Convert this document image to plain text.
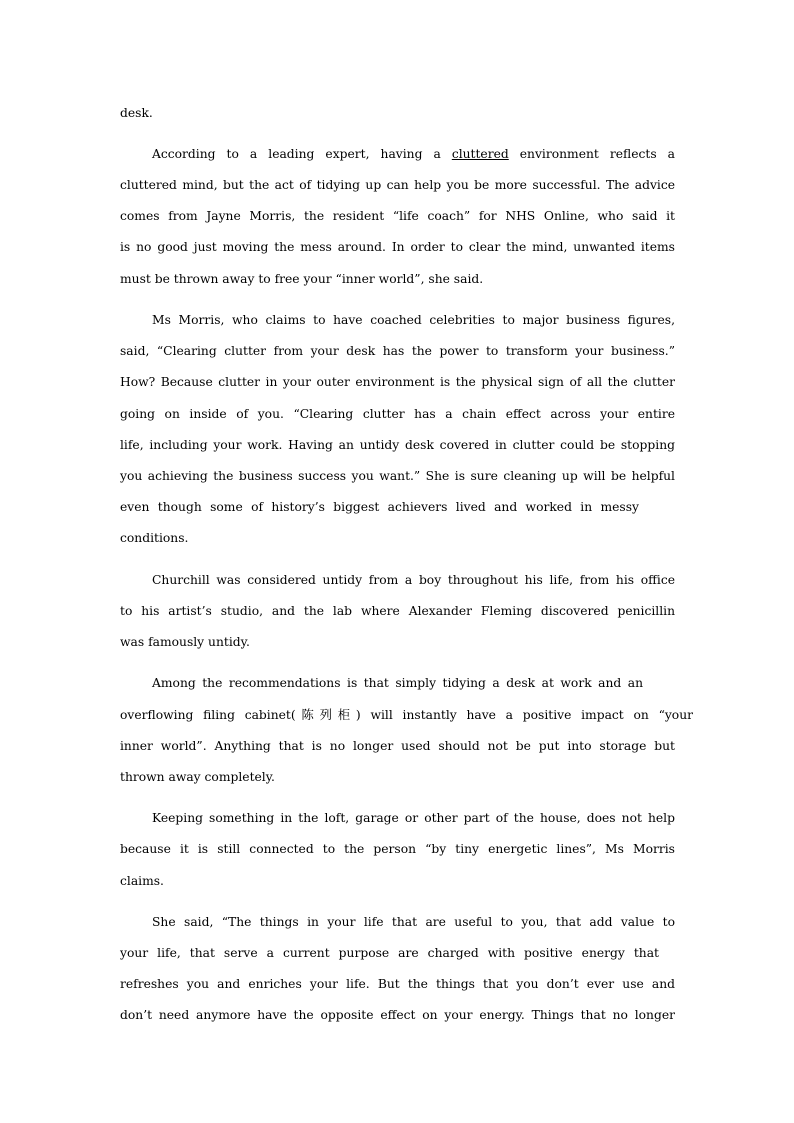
desk.
According to a leading expert, having a cluttered environment reflects a
cluttered mind, but the act of tidying up can help you be more successful. The advice
comes from Jayne Morris, the resident “life coach” for NHS Online, who said it
is no good just moving the mess around. In order to clear the mind, unwanted items
must be thrown away to free your “inner world”, she said.
Ms Morris, who claims to have coached celebrities to major business figures,
said, “Clearing clutter from your desk has the power to transform your business.”
How? Because clutter in your outer environment is the physical sign of all the clutter
going on inside of you. “Clearing clutter has a chain effect across your entire
life, including your work. Having an untidy desk covered in clutter could be stopping
you achieving the business success you want.” She is sure cleaning up will be helpful
even though some of history’s biggest achievers lived and worked in messy
conditions.
Churchill was considered untidy from a boy throughout his life, from his office
to his artist’s studio, and the lab where Alexander Fleming discovered penicillin
was famously untidy.
Among the recommendations is that simply tidying a desk at work and an
overflowing filing cabinet(陈列柜) will instantly have a positive impact on “your
inner world”. Anything that is no longer used should not be put into storage but
thrown away completely.
Keeping something in the loft, garage or other part of the house, does not help
because it is still connected to the person “by tiny energetic lines”, Ms Morris
claims.
She said, “The things in your life that are useful to you, that add value to
your life, that serve a current purpose are charged with positive energy that
refreshes you and enriches your life. But the things that you don’t ever use and
don’t need anymore have the opposite effect on your energy. Things that no longer
